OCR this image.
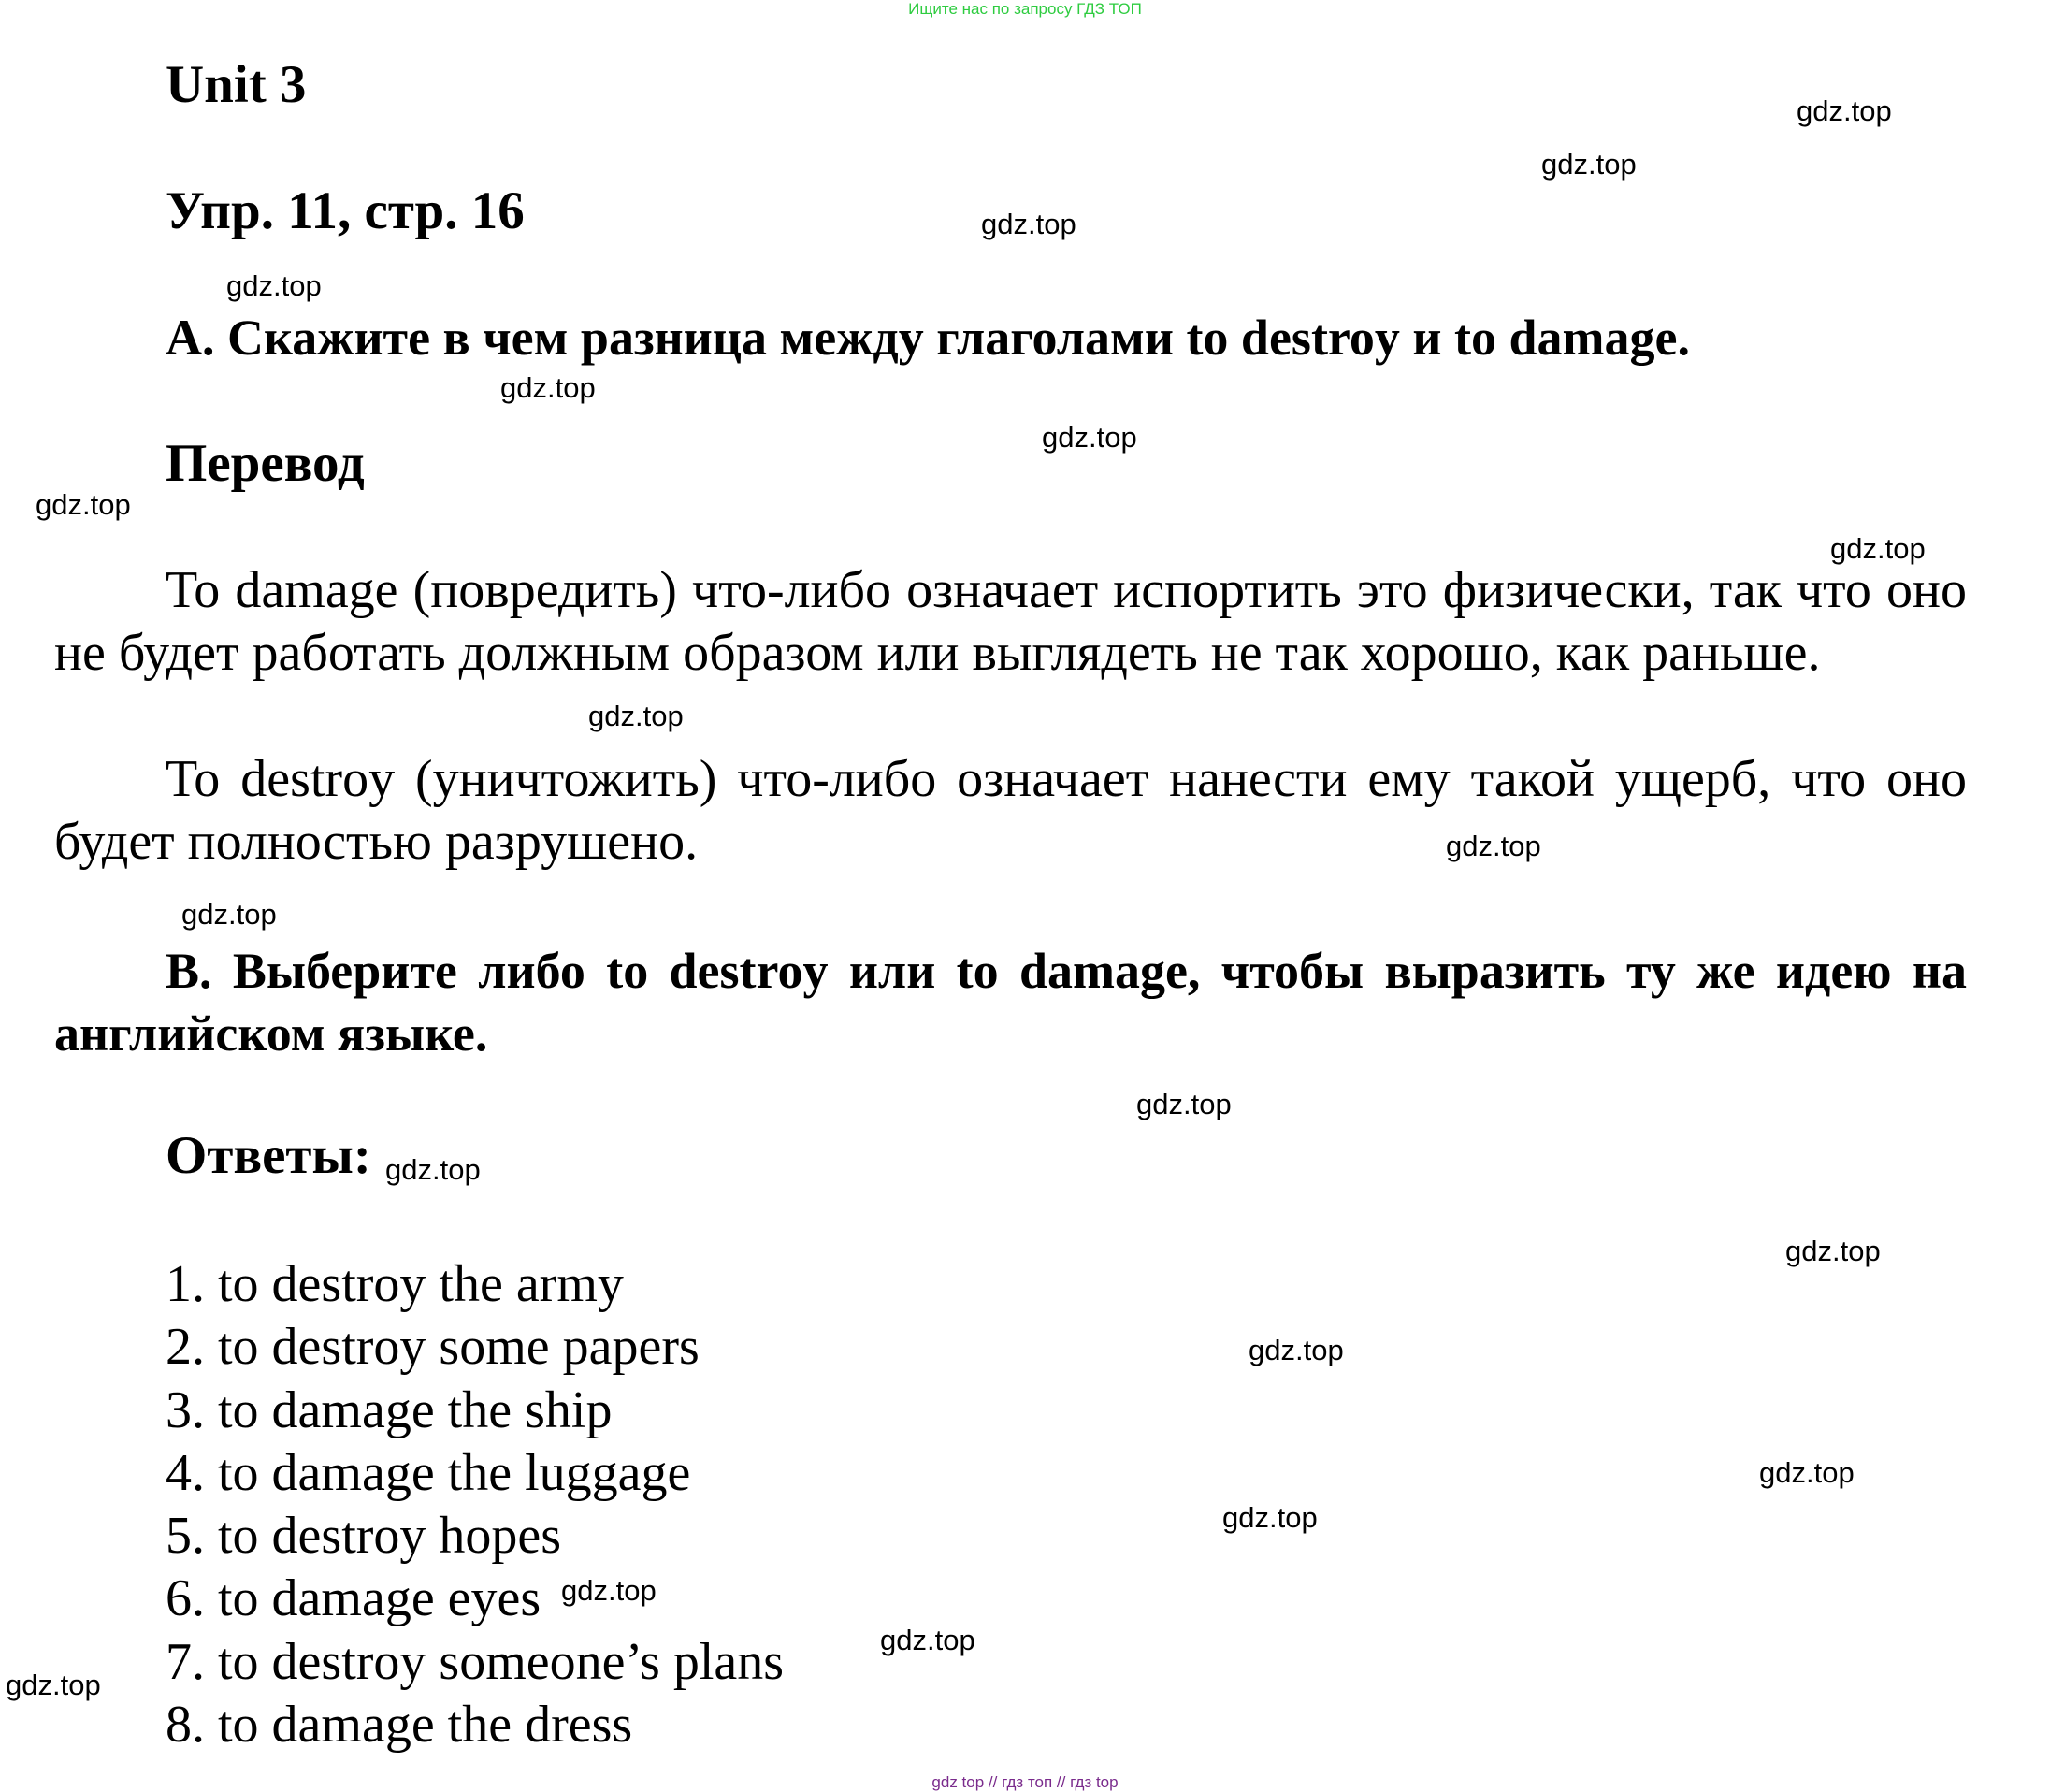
Ищите нас по запросу ГДЗ ТОП
Unit 3
Упр. 11, стр. 16
А. Скажите в чем разница между глаголами to destroy и to damage.
Перевод
To damage (повредить) что-либо означает испортить это физически, так что оно не будет работать должным образом или выглядеть не так хорошо, как раньше.
To destroy (уничтожить) что-либо означает нанести ему такой ущерб, что оно будет полностью разрушено.
В. Выберите либо to destroy или to damage, чтобы выразить ту же идею на английском языке.
Ответы:
1. to destroy the army
2. to destroy some papers
3. to damage the ship
4. to damage the luggage
5. to destroy hopes
6. to damage eyes
7. to destroy someone’s plans
8. to damage the dress
gdz.top
gdz.top
gdz.top
gdz.top
gdz.top
gdz.top
gdz.top
gdz.top
gdz.top
gdz.top
gdz.top
gdz.top
gdz.top
gdz.top
gdz.top
gdz.top
gdz.top
gdz.top
gdz.top
gdz.top
gdz top // гдз топ // гдз top
